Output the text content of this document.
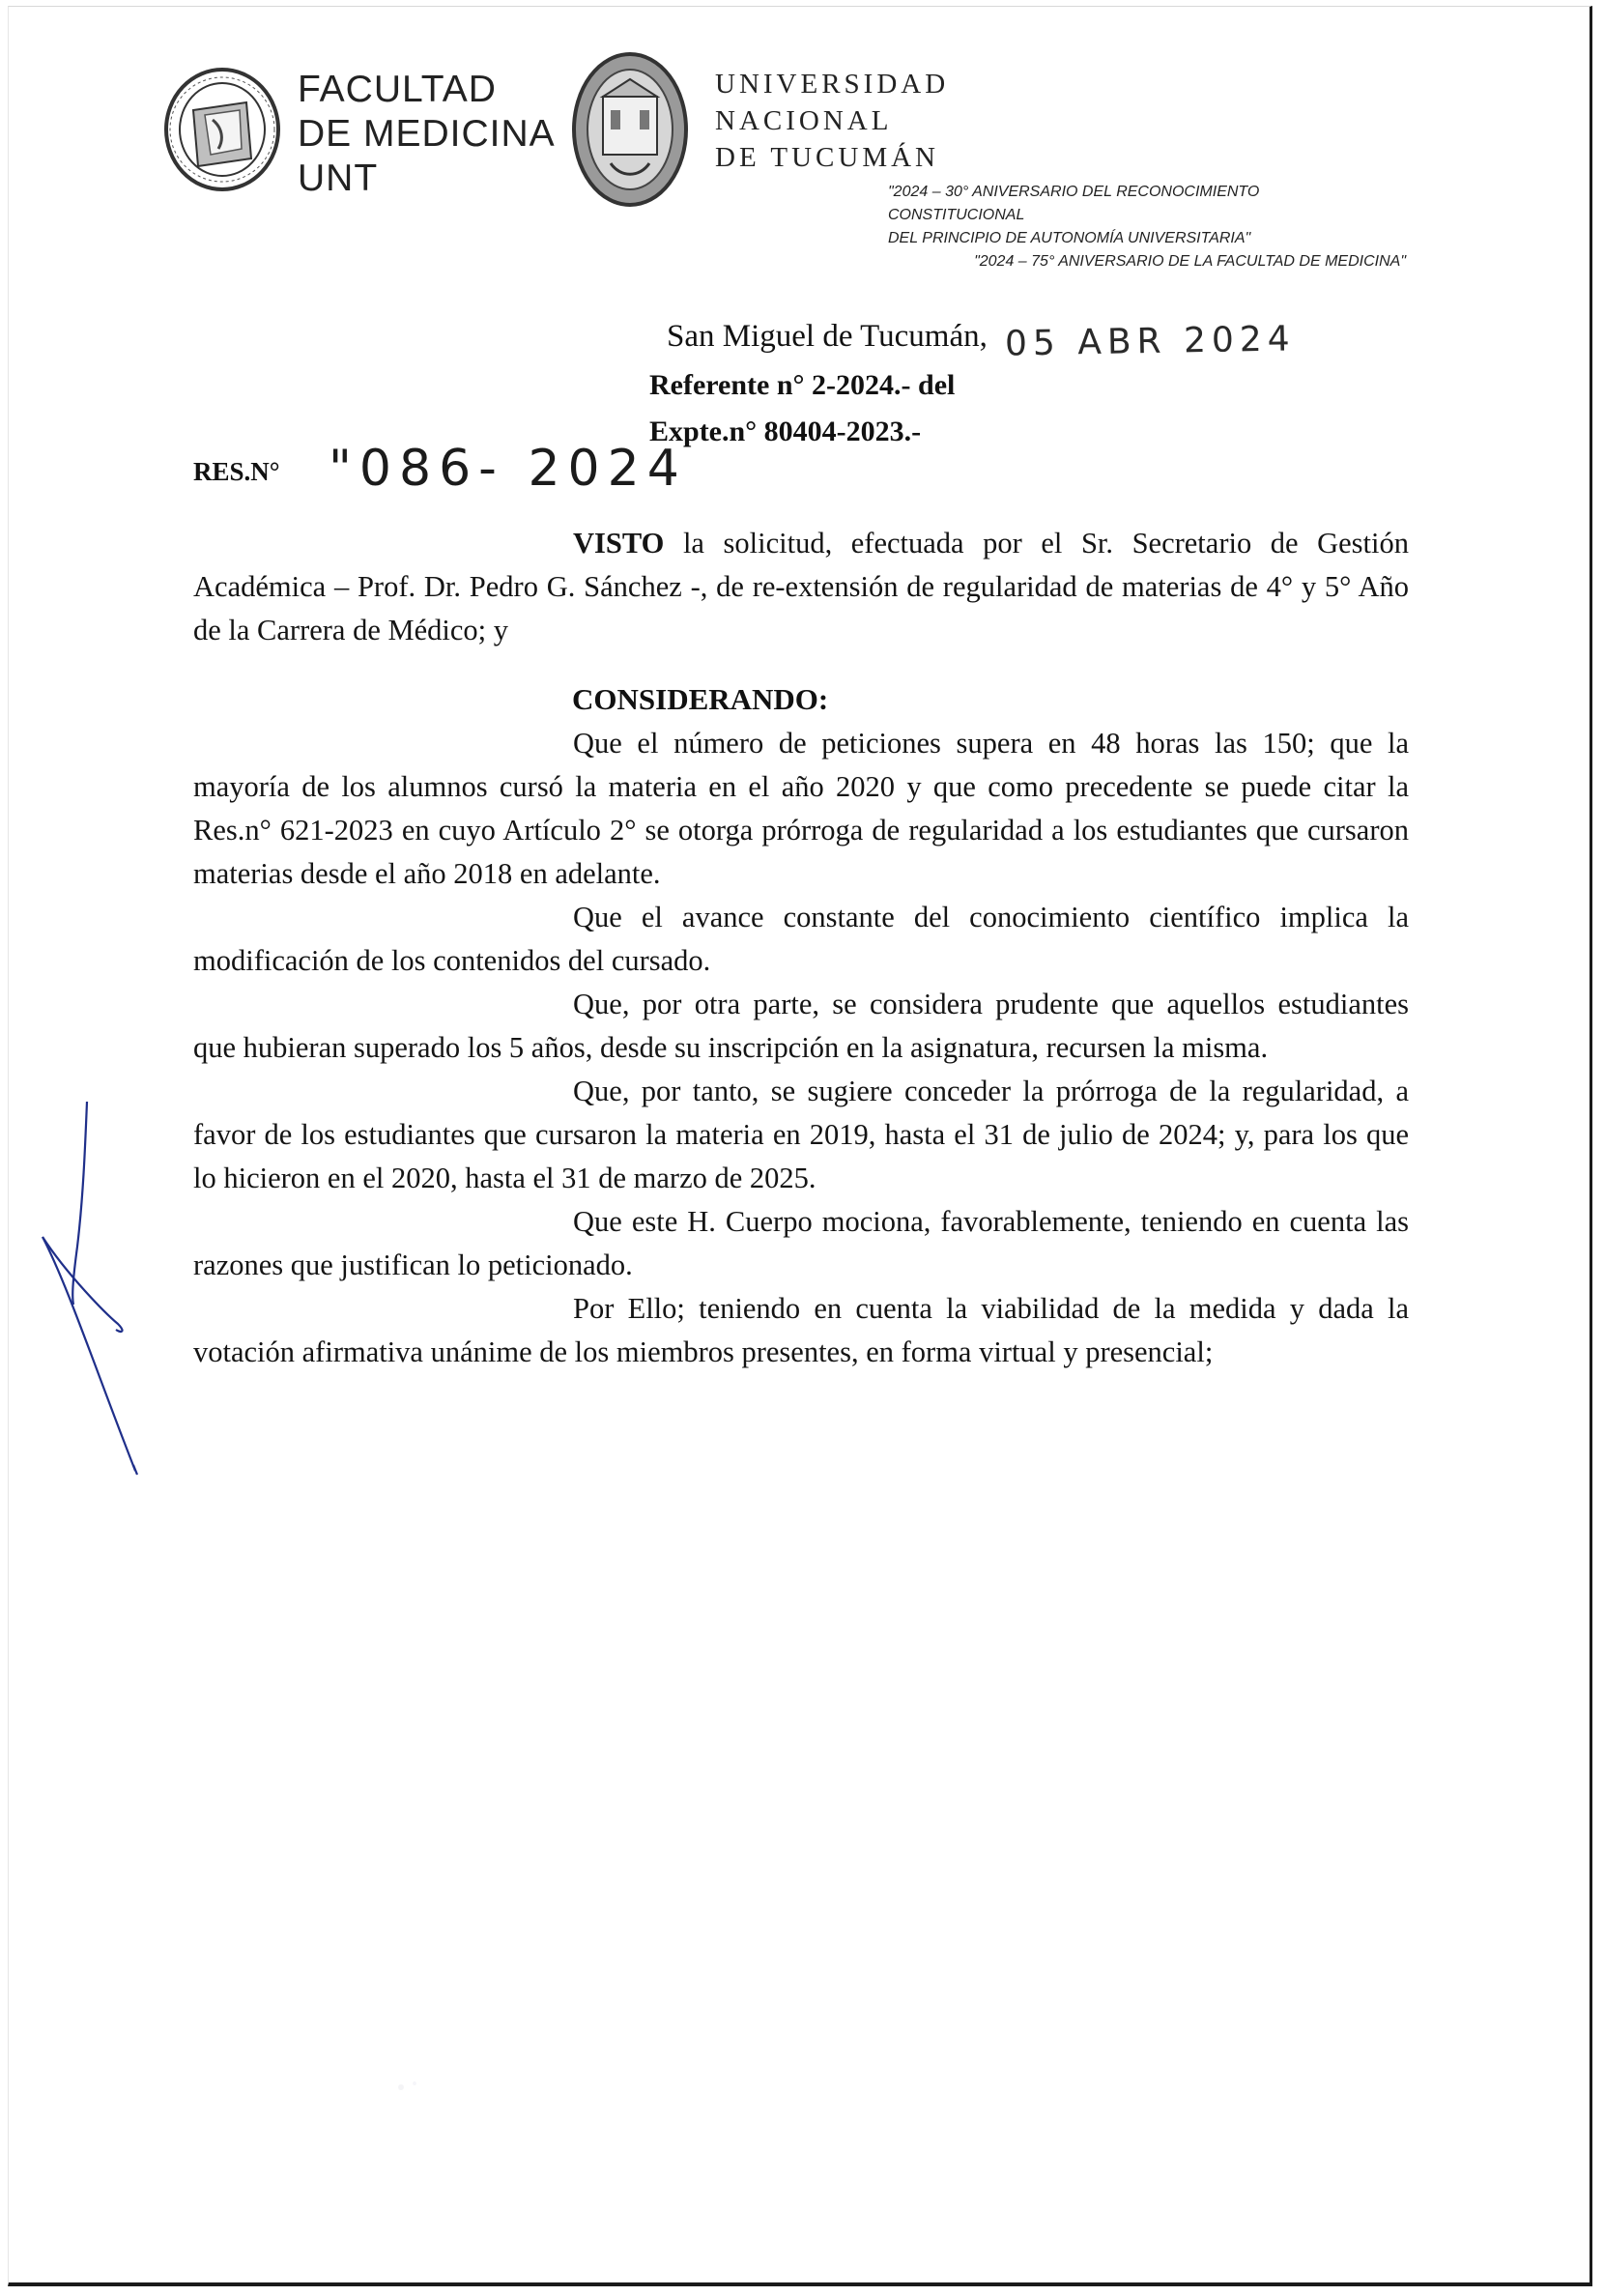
FACULTAD
DE MEDICINA
UNT
UNIVERSIDAD
NACIONAL
DE TUCUMÁN
"2024 – 30° ANIVERSARIO DEL RECONOCIMIENTO
CONSTITUCIONAL
DEL PRINCIPIO DE AUTONOMÍA UNIVERSITARIA"
"2024 – 75° ANIVERSARIO DE LA FACULTAD DE MEDICINA"
San Miguel de Tucumán, 05 ABR 2024
Referente n° 2-2024.- del
Expte.n° 80404-2023.-
RES.N° "086- 2024

VISTO la solicitud, efectuada por el Sr. Secretario de Gestión Académica – Prof. Dr. Pedro G. Sánchez -, de re-extensión de regularidad de materias de 4° y 5° Año de la Carrera de Médico; y

CONSIDERANDO:

Que el número de peticiones supera en 48 horas las 150; que la mayoría de los alumnos cursó la materia en el año 2020 y que como precedente se puede citar la Res.n° 621-2023 en cuyo Artículo 2° se otorga prórroga de regularidad a los estudiantes que cursaron materias desde el año 2018 en adelante.

Que el avance constante del conocimiento científico implica la modificación de los contenidos del cursado.

Que, por otra parte, se considera prudente que aquellos estudiantes que hubieran superado los 5 años, desde su inscripción en la asignatura, recursen la misma.

Que, por tanto, se sugiere conceder la prórroga de la regularidad, a favor de los estudiantes que cursaron la materia en 2019, hasta el 31 de julio de 2024; y, para los que lo hicieron en el 2020, hasta el 31 de marzo de 2025.

Que este H. Cuerpo mociona, favorablemente, teniendo en cuenta las razones que justifican lo peticionado.

Por Ello; teniendo en cuenta la viabilidad de la medida y dada la votación afirmativa unánime de los miembros presentes, en forma virtual y presencial;
